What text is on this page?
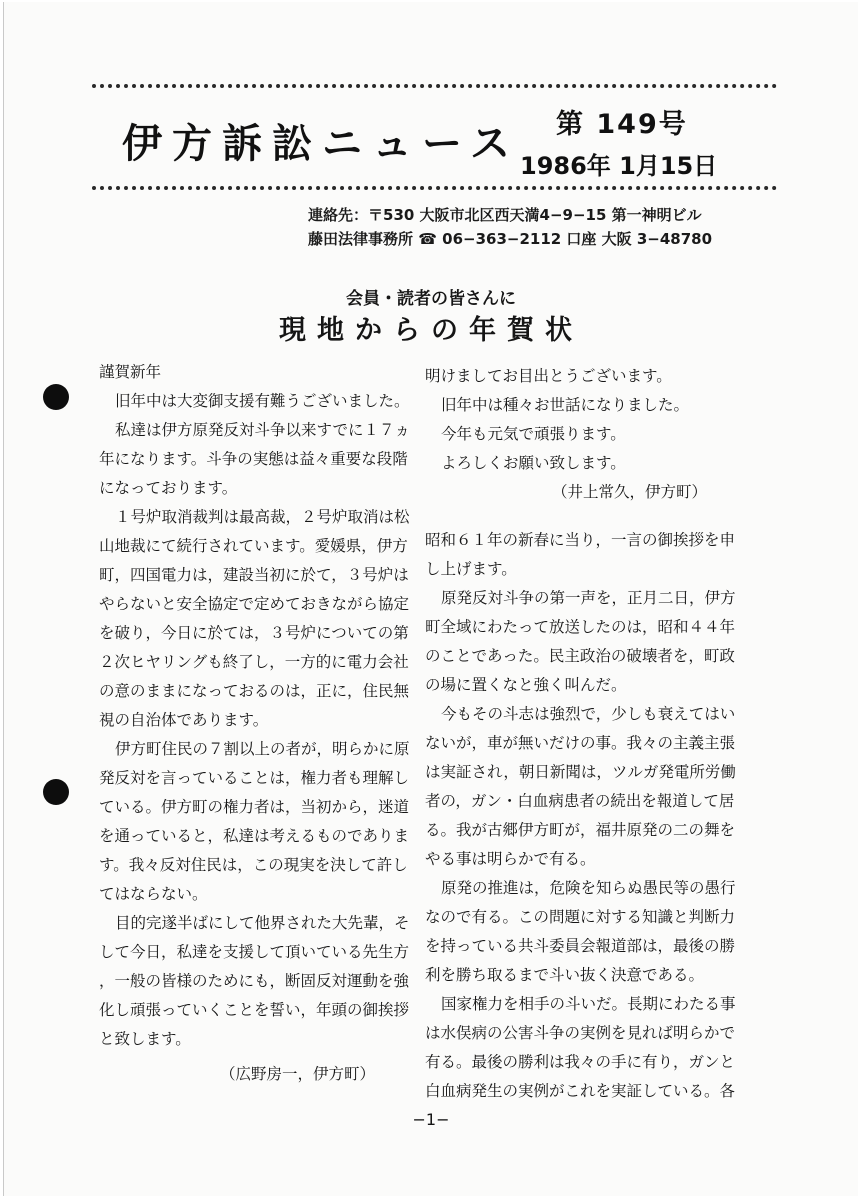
伊方訴訟ニュース 第 149号
1986年 1月15日
連絡先：〒530 大阪市北区西天満4−9−15 第一神明ビル
藤田法律事務所 ☎ 06−363−2112 口座 大阪 3−48780
会員・読者の皆さんに
現地からの年賀状

謹賀新年

旧年中は大変御支援有難うございました。

私達は伊方原発反対斗争以来すでに１７ヵ

年になります。斗争の実態は益々重要な段階

になっております。

１号炉取消裁判は最高裁，２号炉取消は松

山地裁にて続行されています。愛媛県，伊方

町，四国電力は，建設当初に於て，３号炉は

やらないと安全協定で定めておきながら協定

を破り，今日に於ては，３号炉についての第

２次ヒヤリングも終了し，一方的に電力会社

の意のままになっておるのは，正に，住民無

視の自治体であります。

伊方町住民の７割以上の者が，明らかに原

発反対を言っていることは，権力者も理解し

ている。伊方町の権力者は，当初から，迷道

を通っていると，私達は考えるものでありま

す。我々反対住民は，この現実を決して許し

てはならない。

目的完遂半ばにして他界された大先輩，そ

して今日，私達を支援して頂いている先生方

，一般の皆様のためにも，断固反対運動を強

化し頑張っていくことを誓い，年頭の御挨拶

と致します。

（広野房一，伊方町）

明けましてお目出とうございます。

旧年中は種々お世話になりました。

今年も元気で頑張ります。

よろしくお願い致します。

（井上常久，伊方町）

昭和６１年の新春に当り，一言の御挨拶を申

し上げます。

原発反対斗争の第一声を，正月二日，伊方

町全域にわたって放送したのは，昭和４４年

のことであった。民主政治の破壊者を，町政

の場に置くなと強く叫んだ。

今もその斗志は強烈で，少しも衰えてはい

ないが，車が無いだけの事。我々の主義主張

は実証され，朝日新聞は，ツルガ発電所労働

者の，ガン・白血病患者の続出を報道して居

る。我が古郷伊方町が，福井原発の二の舞を

やる事は明らかで有る。

原発の推進は，危険を知らぬ愚民等の愚行

なので有る。この問題に対する知識と判断力

を持っている共斗委員会報道部は，最後の勝

利を勝ち取るまで斗い抜く決意である。

国家権力を相手の斗いだ。長期にわたる事

は水俣病の公害斗争の実例を見れば明らかで

有る。最後の勝利は我々の手に有り，ガンと

白血病発生の実例がこれを実証している。各

−1−
